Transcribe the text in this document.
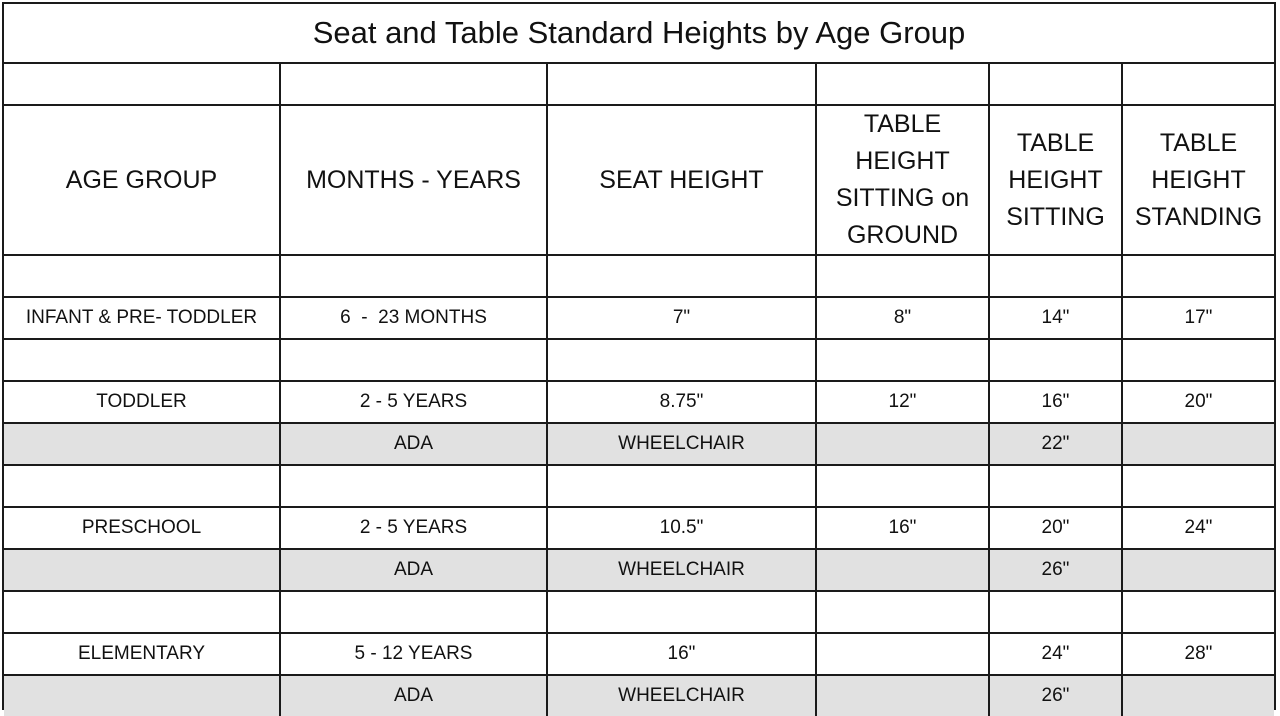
Seat and Table Standard Heights by Age Group

AGE GROUP	MONTHS - YEARS	SEAT HEIGHT	TABLE
HEIGHT
SITTING on
GROUND	TABLE
HEIGHT
SITTING	TABLE
HEIGHT
STANDING

INFANT & PRE- TODDLER	6  -  23 MONTHS	7"	8"	14"	17"

TODDLER	2 - 5 YEARS	8.75"	12"	16"	20"
	ADA	WHEELCHAIR		22"	

PRESCHOOL	2 - 5 YEARS	10.5"	16"	20"	24"
	ADA	WHEELCHAIR		26"	

ELEMENTARY	5 - 12 YEARS	16"		24"	28"
	ADA	WHEELCHAIR		26"	
